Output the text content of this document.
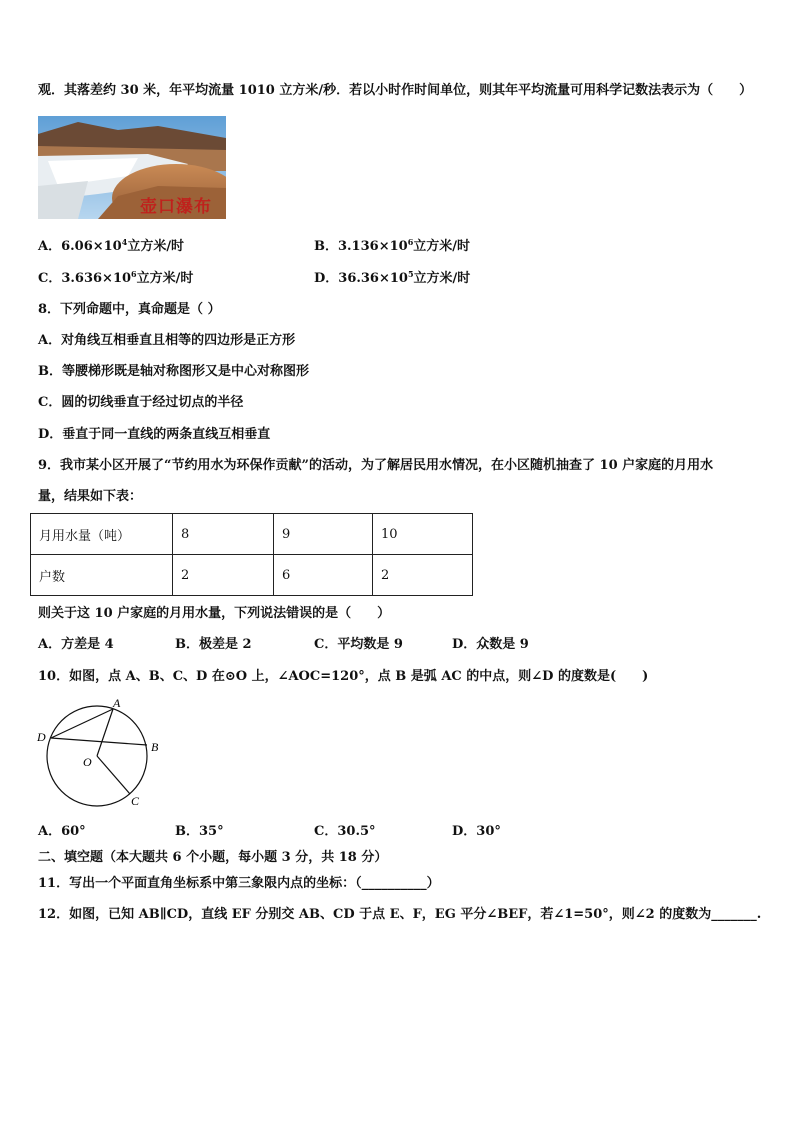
观．其落差约 30 米，年平均流量 1010 立方米/秒．若以小时作时间单位，则其年平均流量可用科学记数法表示为（　　）
壶口瀑布
A．$6.06\times 10^4$立方米/时	B．$3.136\times 10^6$立方米/时
C．$3.636\times 10^6$立方米/时	D．$36.36\times 10^5$立方米/时
8．下列命题中，真命题是（ ）
A．对角线互相垂直且相等的四边形是正方形
B．等腰梯形既是轴对称图形又是中心对称图形
C．圆的切线垂直于经过切点的半径
D．垂直于同一直线的两条直线互相垂直
9．我市某小区开展了“节约用水为环保作贡献”的活动，为了解居民用水情况，在小区随机抽查了 10 户家庭的月用水
量，结果如下表：
月用水量（吨）	8	9	10
户数	2	6	2
则关于这 10 户家庭的月用水量，下列说法错误的是（　　）
A．方差是 4	B．极差是 2	C．平均数是 9	D．众数是 9
10．如图，点 A、B、C、D 在⊙O 上，∠AOC=120°，点 B 是弧 AC 的中点，则∠D 的度数是(　　)
A
B
C
D
O
A．60°	B．35°	C．30.5°	D．30°
二、填空题（本大题共 6 个小题，每小题 3 分，共 18 分）
11．写出一个平面直角坐标系中第三象限内点的坐标：（__________）
12．如图，已知 AB∥CD，直线 EF 分别交 AB、CD 于点 E、F，EG 平分∠BEF，若∠1=50°，则∠2 的度数为_______.
